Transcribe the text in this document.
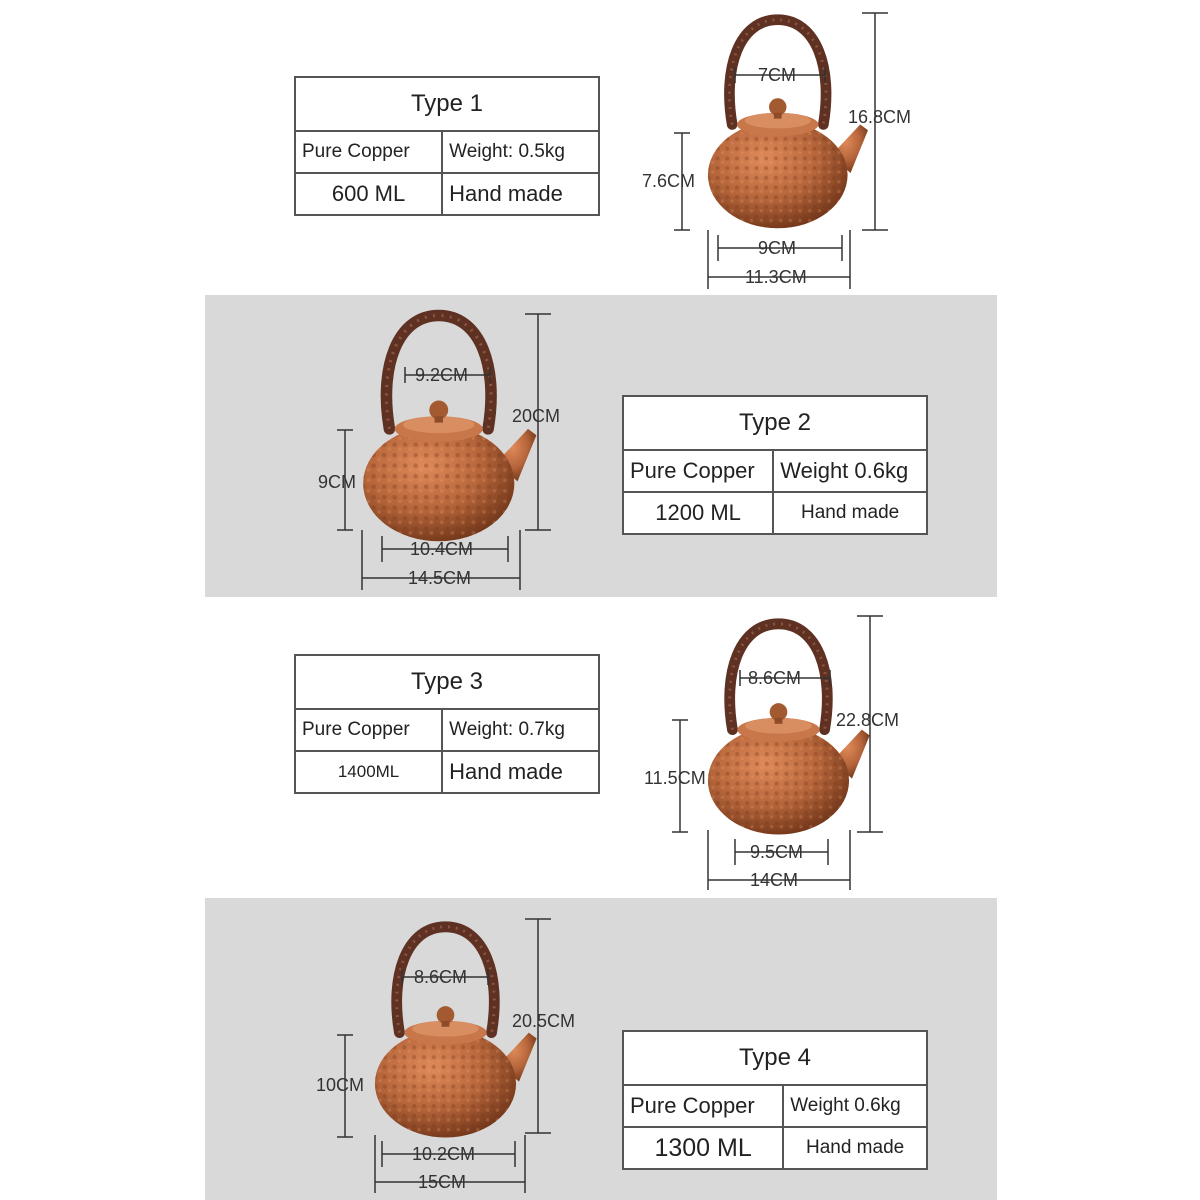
Type 1	
Pure Copper	Weight: 0.5kg
600 ML	Hand made
7CM
16.8CM
7.6CM
9CM
11.3CM
9.2CM
20CM
9CM
10.4CM
14.5CM
Type 2	
Pure Copper	Weight 0.6kg
1200 ML	Hand made
Type 3	
Pure Copper	Weight: 0.7kg
1400ML	Hand made
8.6CM
22.8CM
11.5CM
9.5CM
14CM
8.6CM
20.5CM
10CM
10.2CM
15CM
Type 4	
Pure Copper	Weight 0.6kg
1300 ML	Hand made
